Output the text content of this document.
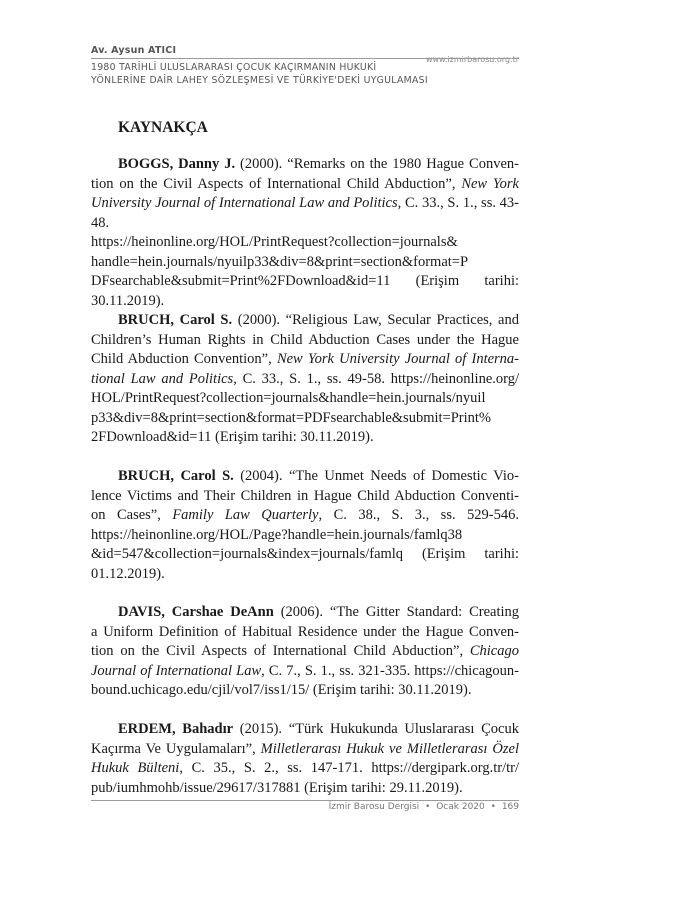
Av. Aysun ATICI
www.izmirbarosu.org.tr
1980 TARİHLİ ULUSLARARASI ÇOCUK KAÇIRMANIN HUKUKİ
YÖNLERİNE DAİR LAHEY SÖZLEŞMESİ VE TÜRKİYE'DEKİ UYGULAMASI
KAYNAKÇA
BOGGS, Danny J. (2000). “Remarks on the 1980 Hague Conven-
tion on the Civil Aspects of International Child Abduction”, New York
University Journal of International Law and Politics, C. 33., S. 1., ss. 43-48.
https://heinonline.org/HOL/PrintRequest?collection=journals&
handle=hein.journals/nyuilp33&div=8&print=section&format=P
DFsearchable&submit=Print%2FDownload&id=11 (Erişim tarihi:
30.11.2019).
BRUCH, Carol S. (2000). “Religious Law, Secular Practices, and
Children’s Human Rights in Child Abduction Cases under the Hague
Child Abduction Convention”, New York University Journal of Interna-
tional Law and Politics, C. 33., S. 1., ss. 49-58. https://heinonline.org/
HOL/PrintRequest?collection=journals&handle=hein.journals/nyuil
p33&div=8&print=section&format=PDFsearchable&submit=Print%
2FDownload&id=11 (Erişim tarihi: 30.11.2019).
BRUCH, Carol S. (2004). “The Unmet Needs of Domestic Vio-
lence Victims and Their Children in Hague Child Abduction Conventi-
on Cases”, Family Law Quarterly, C. 38., S. 3., ss. 529-546.
https://heinonline.org/HOL/Page?handle=hein.journals/famlq38
&id=547&collection=journals&index=journals/famlq (Erişim tarihi:
01.12.2019).
DAVIS, Carshae DeAnn (2006). “The Gitter Standard: Creating
a Uniform Definition of Habitual Residence under the Hague Conven-
tion on the Civil Aspects of International Child Abduction”, Chicago
Journal of International Law, C. 7., S. 1., ss. 321-335. https://chicagoun-
bound.uchicago.edu/cjil/vol7/iss1/15/ (Erişim tarihi: 30.11.2019).
ERDEM, Bahadır (2015). “Türk Hukukunda Uluslararası Çocuk
Kaçırma Ve Uygulamaları”, Milletlerarası Hukuk ve Milletlerarası Özel
Hukuk Bülteni, C. 35., S. 2., ss. 147-171. https://dergipark.org.tr/tr/
pub/iumhmohb/issue/29617/317881 (Erişim tarihi: 29.11.2019).
İzmir Barosu Dergisi • Ocak 2020 • 169
